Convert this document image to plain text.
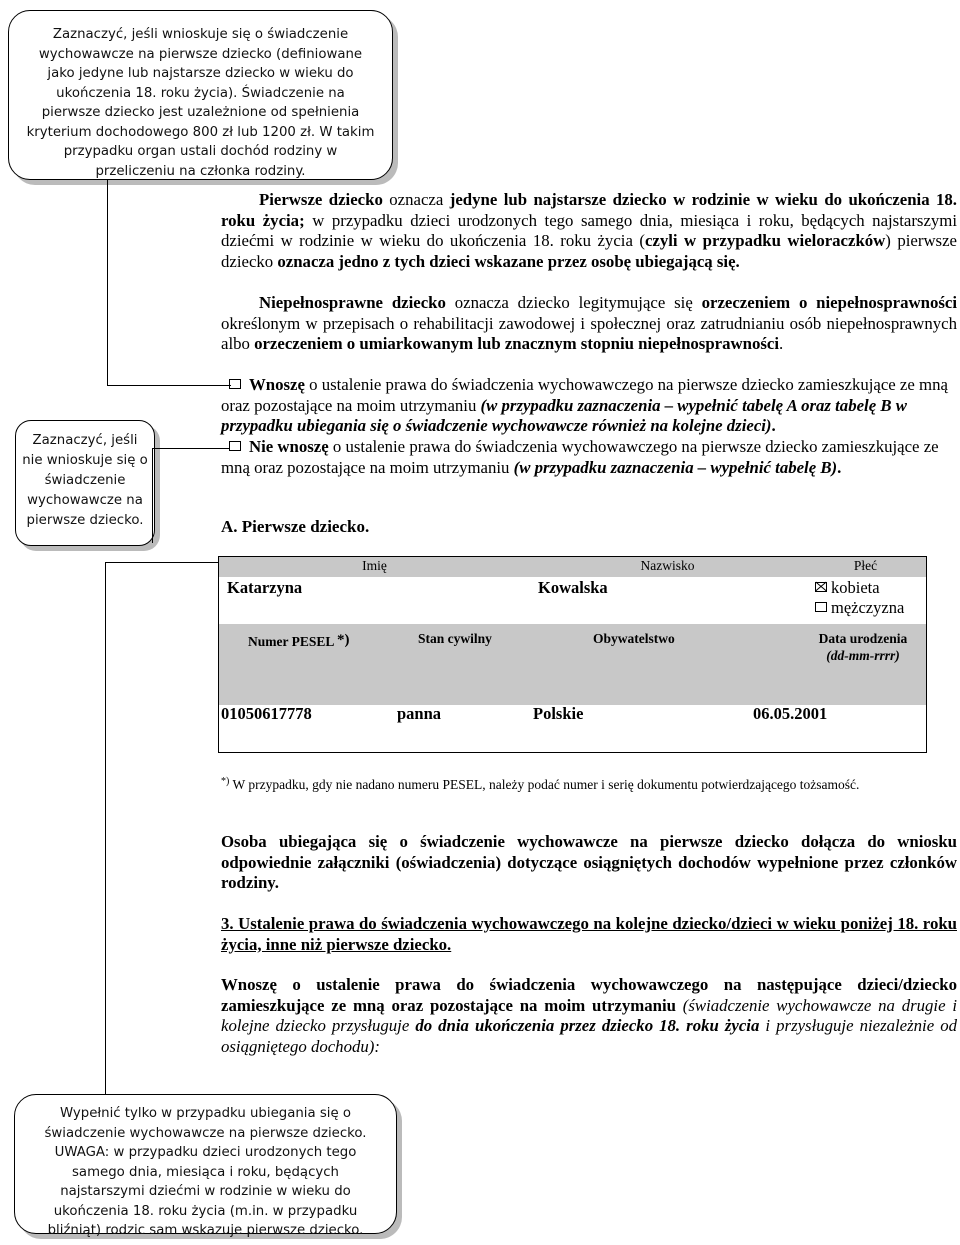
Zaznaczyć, jeśli wnioskuje się o świadczenie wychowawcze na pierwsze dziecko (definiowane jako jedyne lub najstarsze dziecko w wieku do ukończenia 18. roku życia). Świadczenie na pierwsze dziecko jest uzależnione od spełnienia kryterium dochodowego 800 zł lub 1200 zł. W takim przypadku organ ustali dochód rodziny w przeliczeniu na członka rodziny.
Zaznaczyć, jeśli nie wnioskuje się o świadczenie wychowawcze na pierwsze dziecko.
Wypełnić tylko w przypadku ubiegania się o świadczenie wychowawcze na pierwsze dziecko. UWAGA: w przypadku dzieci urodzonych tego samego dnia, miesiąca i roku, będących najstarszymi dziećmi w rodzinie w wieku do ukończenia 18. roku życia (m.in. w przypadku bliźniąt) rodzic sam wskazuje pierwsze dziecko.
Pierwsze dziecko oznacza jedyne lub najstarsze dziecko w rodzinie w wieku do ukończenia 18. roku życia; w przypadku dzieci urodzonych tego samego dnia, miesiąca i roku, będących najstarszymi dziećmi w rodzinie w wieku do ukończenia 18. roku życia (czyli w przypadku wieloraczków) pierwsze dziecko oznacza jedno z tych dzieci wskazane przez osobę ubiegającą się.
Niepełnosprawne dziecko oznacza dziecko legitymujące się orzeczeniem o niepełnosprawności określonym w przepisach o rehabilitacji zawodowej i społecznej oraz zatrudnianiu osób niepełnosprawnych albo orzeczeniem o umiarkowanym lub znacznym stopniu niepełnosprawności.
Wnoszę o ustalenie prawa do świadczenia wychowawczego na pierwsze dziecko zamieszkujące ze mną oraz pozostające na moim utrzymaniu (w przypadku zaznaczenia – wypełnić tabelę A oraz tabelę B w przypadku ubiegania się o świadczenie wychowawcze również na kolejne dzieci).
Nie wnoszę o ustalenie prawa do świadczenia wychowawczego na pierwsze dziecko zamieszkujące ze mną oraz pozostające na moim utrzymaniu (w przypadku zaznaczenia – wypełnić tabelę B).
A. Pierwsze dziecko.
Imię	Nazwisko	Płeć
Katarzyna	Kowalska	kobieta
mężczyzna
Numer PESEL *)	Stan cywilny	Obywatelstwo	Data urodzenia
(dd-mm-rrrr)
01050617778	panna	Polskie	06.05.2001
*) W przypadku, gdy nie nadano numeru PESEL, należy podać numer i serię dokumentu potwierdzającego tożsamość.
Osoba ubiegająca się o świadczenie wychowawcze na pierwsze dziecko dołącza do wniosku odpowiednie załączniki (oświadczenia) dotyczące osiągniętych dochodów wypełnione przez członków rodziny.
3. Ustalenie prawa do świadczenia wychowawczego na kolejne dziecko/dzieci w wieku poniżej 18. roku życia, inne niż pierwsze dziecko.
Wnoszę o ustalenie prawa do świadczenia wychowawczego na następujące dzieci/dziecko zamieszkujące ze mną oraz pozostające na moim utrzymaniu (świadczenie wychowawcze na drugie i kolejne dziecko przysługuje do dnia ukończenia przez dziecko 18. roku życia i przysługuje niezależnie od osiągniętego dochodu):
